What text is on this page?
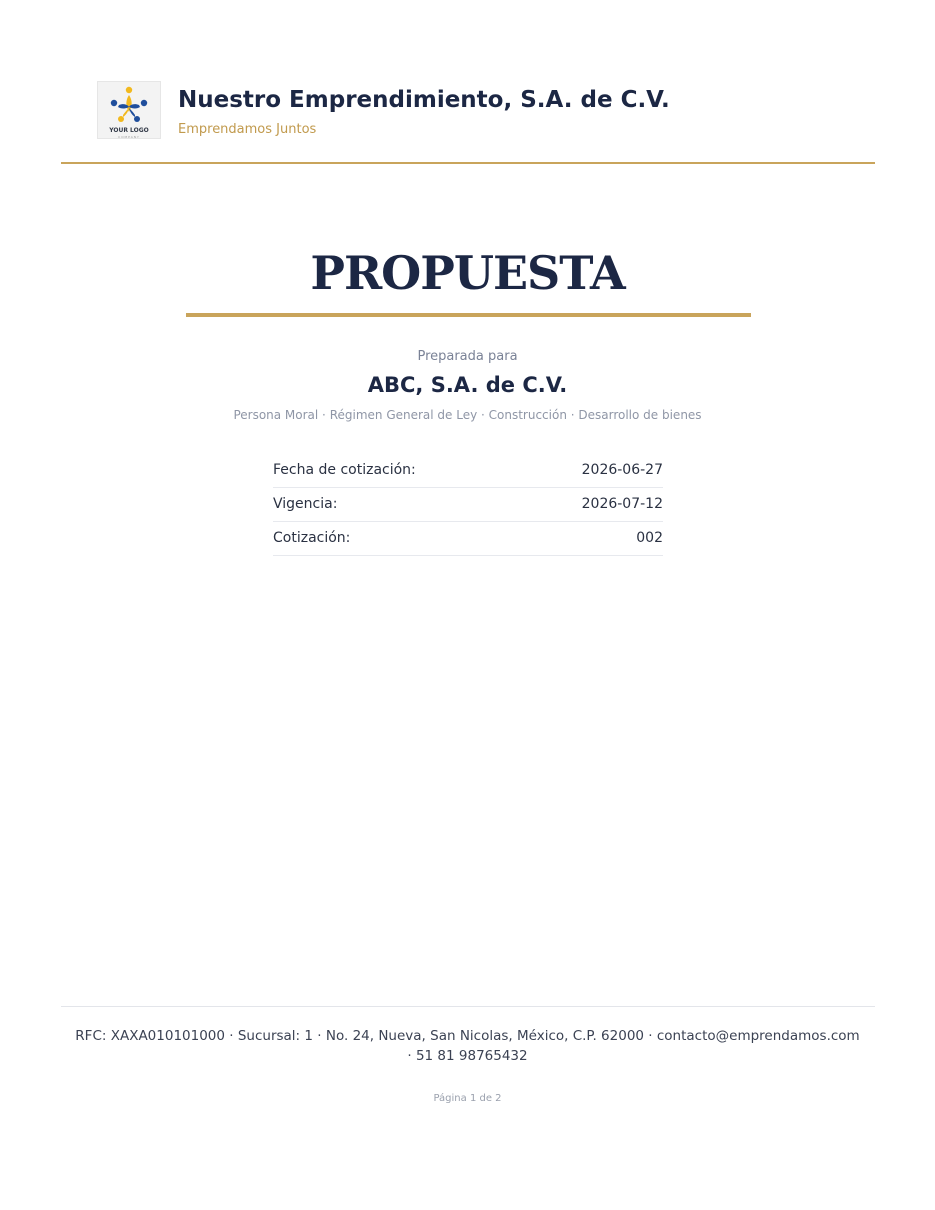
YOUR LOGO
COMPANY
Nuestro Emprendimiento, S.A. de C.V.
Emprendamos Juntos
PROPUESTA
Preparada para
ABC, S.A. de C.V.
Persona Moral · Régimen General de Ley · Construcción · Desarrollo de bienes
Fecha de cotización:	2026-06-27
Vigencia:	2026-07-12
Cotización:	002
RFC: XAXA010101000 · Sucursal: 1 · No. 24, Nueva, San Nicolas, México, C.P. 62000 · contacto@emprendamos.com · 51 81 98765432
Página 1 de 2
